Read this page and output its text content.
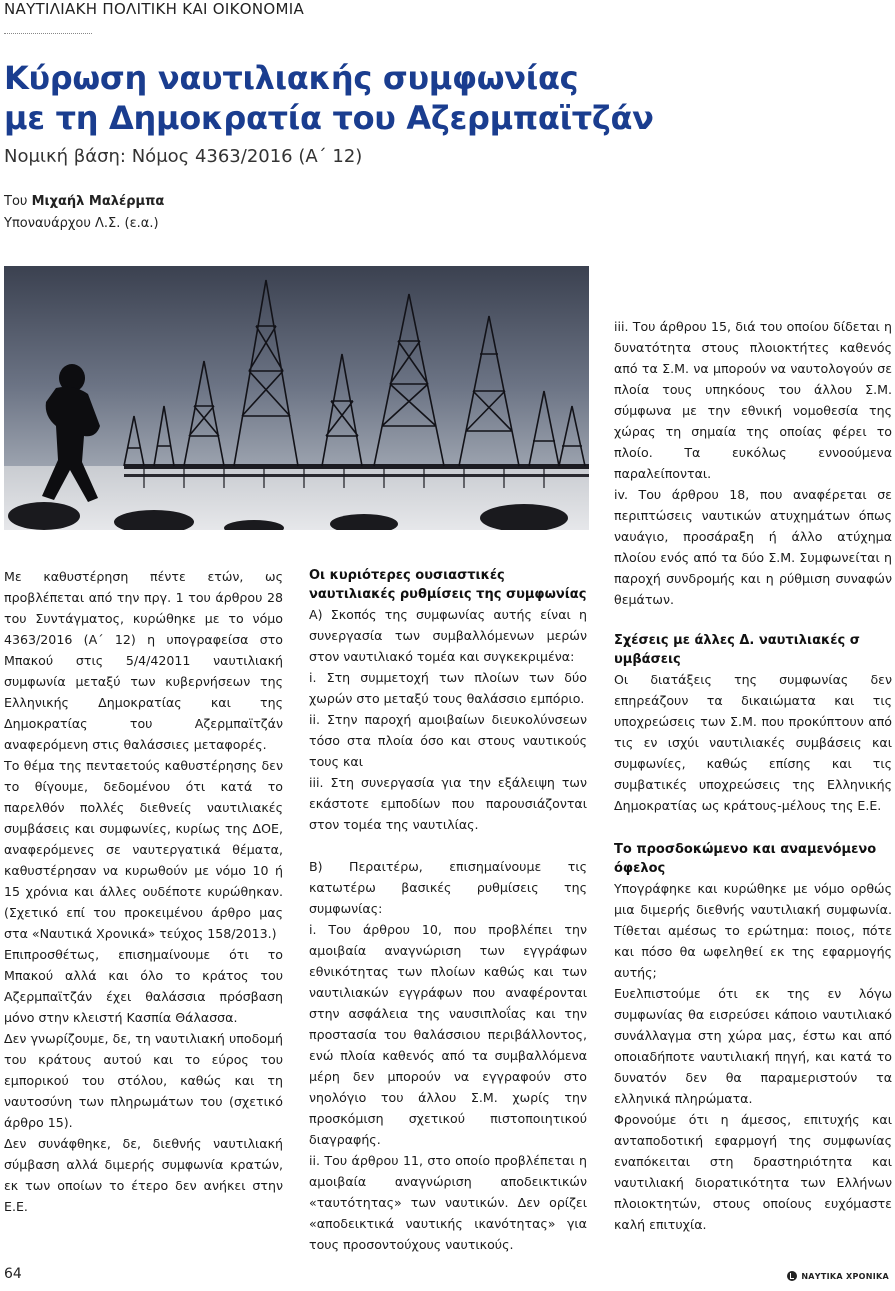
ΝΑΥΤΙΛΙΑΚΗ ΠΟΛΙΤΙΚΗ ΚΑΙ ΟΙΚΟΝΟΜΙΑ
Κύρωση ναυτιλιακής συμφωνίας
με τη Δημοκρατία του Αζερμπαϊτζάν
Νομική βάση: Νόμος 4363/2016 (Α΄ 12)
Του Μιχαήλ Μαλέρμπα
Υποναυάρχου Λ.Σ. (ε.α.)

Με καθυστέρηση πέντε ετών, ως προβλέπεται από την πργ. 1 του άρθρου 28 του Συντάγματος, κυρώθηκε με το νόμο 4363/2016 (Α΄ 12) η υπογραφείσα στο Μπακού στις 5/4/42011 ναυτιλιακή συμφωνία μεταξύ των κυβερνήσεων της Ελληνικής Δημοκρατίας και της Δημοκρατίας του Αζερμπαϊτζάν αναφερόμενη στις θαλάσσιες μεταφορές.

Το θέμα της πενταετούς καθυστέρησης δεν το θίγουμε, δεδομένου ότι κατά το παρελθόν πολλές διεθνείς ναυτιλιακές συμβάσεις και συμφωνίες, κυρίως της ΔΟΕ, αναφερόμενες σε ναυτεργατικά θέματα, καθυστέρησαν να κυρωθούν με νόμο 10 ή 15 χρόνια και άλλες ουδέποτε κυρώθηκαν. (Σχετικό επί του προκειμένου άρθρο μας στα «Ναυτικά Χρονικά» τεύχος 158/2013.)

Επιπροσθέτως, επισημαίνουμε ότι το Μπακού αλλά και όλο το κράτος του Αζερμπαϊτζάν έχει θαλάσσια πρόσβαση μόνο στην κλειστή Κασπία Θάλασσα.

Δεν γνωρίζουμε, δε, τη ναυτιλιακή υποδομή του κράτους αυτού και το εύρος του εμπορικού του στόλου, καθώς και τη ναυτοσύνη των πληρωμάτων του (σχετικό άρθρο 15).

Δεν συνάφθηκε, δε, διεθνής ναυτιλιακή σύμβαση αλλά διμερής συμφωνία κρατών, εκ των οποίων το έτερο δεν ανήκει στην Ε.Ε.

Οι κυριότερες ουσιαστικές ναυτιλιακές ρυθμίσεις της συμφωνίας

Α) Σκοπός της συμφωνίας αυτής είναι η συνεργασία των συμβαλλόμενων μερών στον ναυτιλιακό τομέα και συγκεκριμένα:

i. Στη συμμετοχή των πλοίων των δύο χωρών στο μεταξύ τους θαλάσσιο εμπόριο.

ii. Στην παροχή αμοιβαίων διευκολύνσεων τόσο στα πλοία όσο και στους ναυτικούς τους και

iii. Στη συνεργασία για την εξάλειψη των εκάστοτε εμποδίων που παρουσιάζονται στον τομέα της ναυτιλίας.

Β) Περαιτέρω, επισημαίνουμε τις κατωτέρω βασικές ρυθμίσεις της συμφωνίας:

i. Του άρθρου 10, που προβλέπει την αμοιβαία αναγνώριση των εγγράφων εθνικότητας των πλοίων καθώς και των ναυτιλιακών εγγράφων που αναφέρονται στην ασφάλεια της ναυσιπλοΐας και την προστασία του θαλάσσιου περιβάλλοντος, ενώ πλοία καθενός από τα συμβαλλόμενα μέρη δεν μπορούν να εγγραφούν στο νηολόγιο του άλλου Σ.Μ. χωρίς την προσκόμιση σχετικού πιστοποιητικού διαγραφής.

ii. Του άρθρου 11, στο οποίο προβλέπεται η αμοιβαία αναγνώριση αποδεικτικών «ταυτότητας» των ναυτικών. Δεν ορίζει «αποδεικτικά ναυτικής ικανότητας» για τους προσοντούχους ναυτικούς.

iii. Του άρθρου 15, διά του οποίου δίδεται η δυνατότητα στους πλοιοκτήτες καθενός από τα Σ.Μ. να μπορούν να ναυτολογούν σε πλοία τους υπηκόους του άλλου Σ.Μ. σύμφωνα με την εθνική νομοθεσία της χώρας τη σημαία της οποίας φέρει το πλοίο. Τα ευκόλως εννοούμενα παραλείπονται.

iv. Του άρθρου 18, που αναφέρεται σε περιπτώσεις ναυτικών ατυχημάτων όπως ναυάγιο, προσάραξη ή άλλο ατύχημα πλοίου ενός από τα δύο Σ.Μ. Συμφωνείται η παροχή συνδρομής και η ρύθμιση συναφών θεμάτων.

Σχέσεις με άλλες Δ. ναυτιλιακές σ υμβάσεις

Οι διατάξεις της συμφωνίας δεν επηρεάζουν τα δικαιώματα και τις υποχρεώσεις των Σ.Μ. που προκύπτουν από τις εν ισχύι ναυτιλιακές συμβάσεις και συμφωνίες, καθώς επίσης και τις συμβατικές υποχρεώσεις της Ελληνικής Δημοκρατίας ως κράτους-μέλους της Ε.Ε.

Το προσδοκώμενο και αναμενόμενο όφελος

Υπογράφηκε και κυρώθηκε με νόμο ορθώς μια διμερής διεθνής ναυτιλιακή συμφωνία. Τίθεται αμέσως το ερώτημα: ποιος, πότε και πόσο θα ωφεληθεί εκ της εφαρμογής αυτής;

Ευελπιστούμε ότι εκ της εν λόγω συμφωνίας θα εισρεύσει κάποιο ναυτιλιακό συνάλλαγμα στη χώρα μας, έστω και από οποιαδήποτε ναυτιλιακή πηγή, και κατά το δυνατόν δεν θα παραμεριστούν τα ελληνικά πληρώματα.

Φρονούμε ότι η άμεσος, επιτυχής και ανταποδοτική εφαρμογή της συμφωνίας εναπόκειται στη δραστηριότητα και ναυτιλιακή διορατικότητα των Ελλήνων πλοιοκτητών, στους οποίους ευχόμαστε καλή επιτυχία.

64	ΝΑΥΤΙΚΑ ΧΡΟΝΙΚΑ
